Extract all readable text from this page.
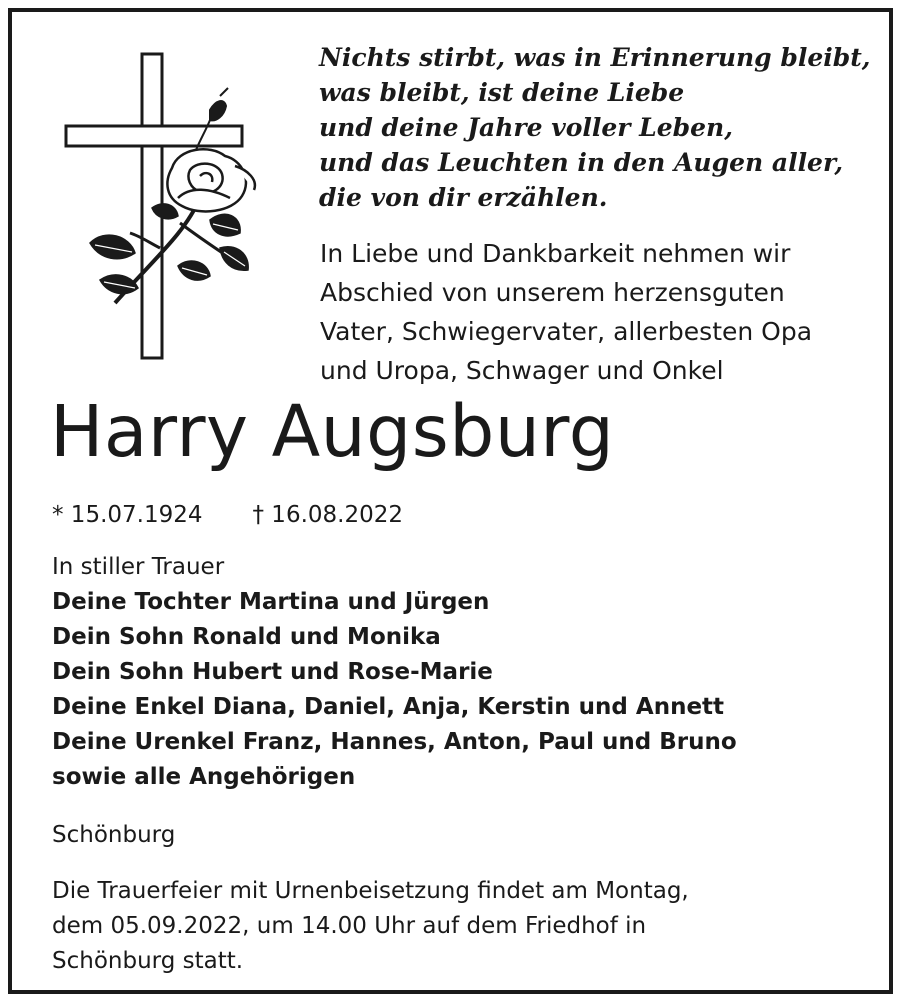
Nichts stirbt, was in Erinnerung bleibt,
was bleibt, ist deine Liebe
und deine Jahre voller Leben,
und das Leuchten in den Augen aller,
die von dir erzählen.
In Liebe und Dankbarkeit nehmen wir
Abschied von unserem herzensguten
Vater, Schwiegervater, allerbesten Opa
und Uropa, Schwager und Onkel
Harry Augsburg
* 15.07.1924 † 16.08.2022
In stiller Trauer
Deine Tochter Martina und Jürgen
Dein Sohn Ronald und Monika
Dein Sohn Hubert und Rose-Marie
Deine Enkel Diana, Daniel, Anja, Kerstin und Annett
Deine Urenkel Franz, Hannes, Anton, Paul und Bruno
sowie alle Angehörigen
Schönburg
Die Trauerfeier mit Urnenbeisetzung findet am Montag,
dem 05.09.2022, um 14.00 Uhr auf dem Friedhof in
Schönburg statt.
